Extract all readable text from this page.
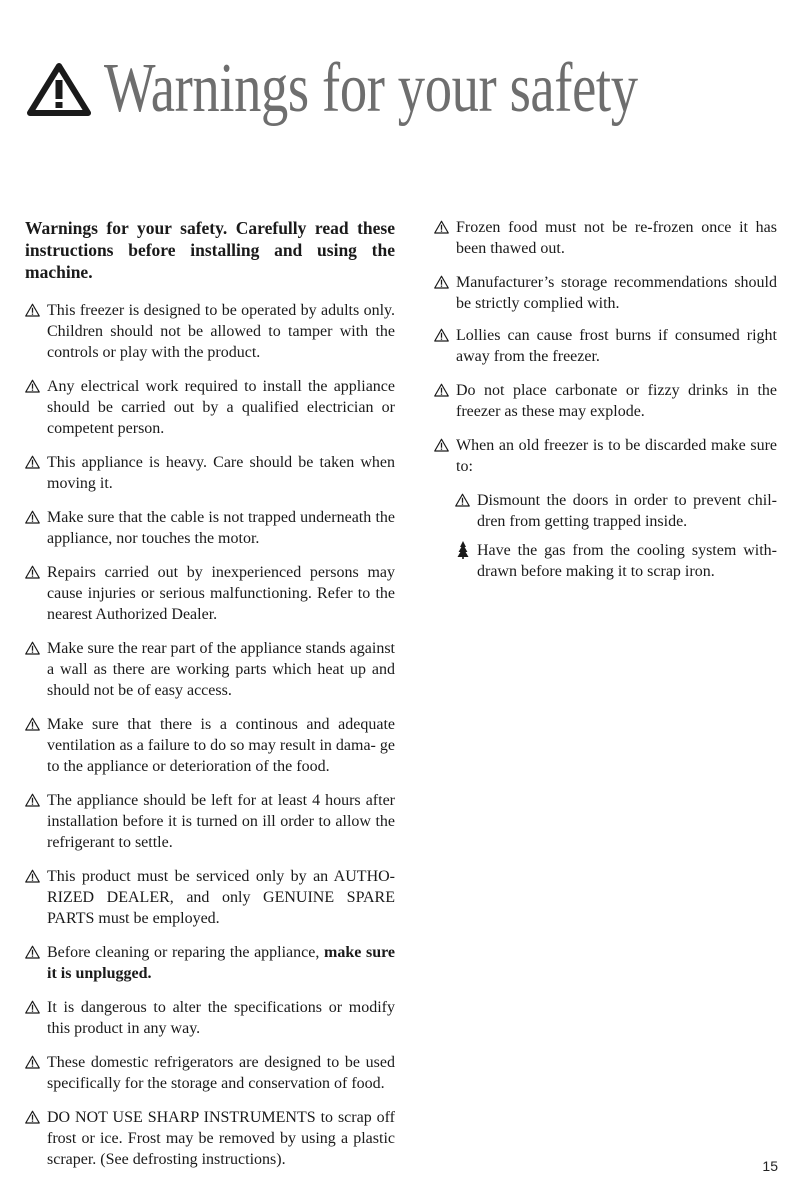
Warnings for your safety

Warnings for your safety. Carefully read these instructions before installing and using the machine.

This freezer is designed to be operated by adults only. Children should not be allowed to tamper with the controls or play with the product.
Any electrical work required to install the appliance should be carried out by a qualified electrician or competent person.
This appliance is heavy. Care should be taken when moving it.
Make sure that the cable is not trapped underneath the appliance, nor touches the motor.
Repairs carried out by inexperienced persons may cause injuries or serious malfunctioning. Refer to the nearest Authorized Dealer.
Make sure the rear part of the appliance stands against a wall as there are working parts which heat up and should not be of easy access.
Make sure that there is a continous and adequate ventilation as a failure to do so may result in dama- ge to the appliance or deterioration of the food.
The appliance should be left for at least 4 hours after installation before it is turned on ill order to allow the refrigerant to settle.
This product must be serviced only by an AUTHO- RIZED DEALER, and only GENUINE SPARE PARTS must be employed.
Before cleaning or reparing the appliance, make sure it is unplugged.
It is dangerous to alter the specifications or modify this product in any way.
These domestic refrigerators are designed to be used specifically for the storage and conservation of food.
DO NOT USE SHARP INSTRUMENTS to scrap off frost or ice. Frost may be removed by using a plastic scraper. (See defrosting instructions).
Frozen food must not be re-frozen once it has been thawed out.
Manufacturer’s storage recommendations should be strictly complied with.
Lollies can cause frost burns if consumed right away from the freezer.
Do not place carbonate or fizzy drinks in the freezer as these may explode.
When an old freezer is to be discarded make sure to:
Dismount the doors in order to prevent chil- dren from getting trapped inside.
Have the gas from the cooling system with- drawn before making it to scrap iron.
15
